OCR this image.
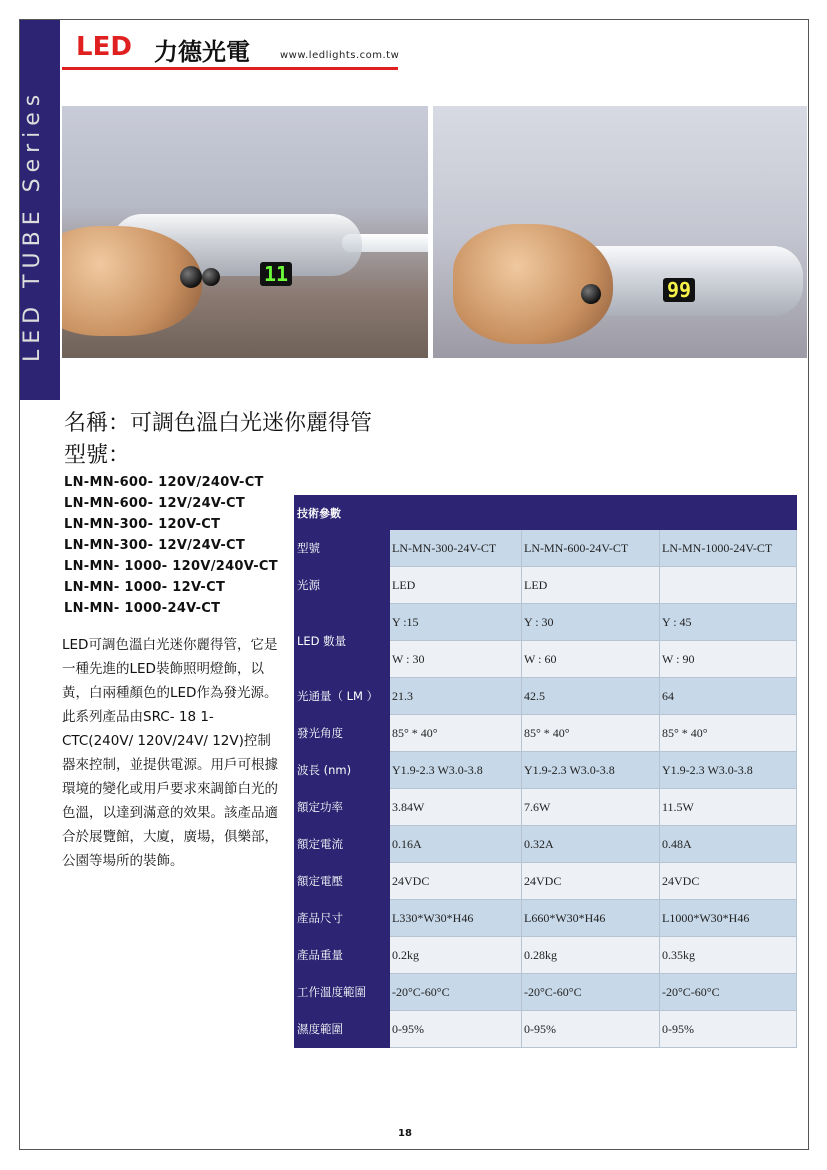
LED TUBE Series
LED 力德光電	www.ledlights.com.tw
11
99
名稱：可調色溫白光迷你麗得管
型號：
LN-MN-600- 120V/240V-CT
LN-MN-600- 12V/24V-CT
LN-MN-300- 120V-CT
LN-MN-300- 12V/24V-CT
LN-MN- 1000- 120V/240V-CT
LN-MN- 1000- 12V-CT
LN-MN- 1000-24V-CT

LED可調色溫白光迷你麗得管，它是一種先進的LED裝飾照明燈飾，以黃，白兩種顏色的LED作為發光源。此系列產品由SRC- 18 1-

CTC(240V/ 120V/24V/ 12V)控制器來控制，並提供電源。用戶可根據環境的變化或用戶要求來調節白光的色溫，以達到滿意的效果。該產品適合於展覽館，大廈，廣場，俱樂部，公園等場所的裝飾。

技術參數			
型號	LN-MN-300-24V-CT	LN-MN-600-24V-CT	LN-MN-1000-24V-CT
光源	LED	LED	
LED 數量	Y :15	Y : 30	Y : 45
	W : 30	W : 60	W : 90
光通量（ LM ）	21.3	42.5	64
發光角度	85° * 40°	85° * 40°	85° * 40°
波長 (nm)	Y1.9-2.3 W3.0-3.8	Y1.9-2.3 W3.0-3.8	Y1.9-2.3 W3.0-3.8
額定功率	3.84W	7.6W	11.5W
額定電流	0.16A	0.32A	0.48A
額定電壓	24VDC	24VDC	24VDC
產品尺寸	L330*W30*H46	L660*W30*H46	L1000*W30*H46
產品重量	0.2kg	0.28kg	0.35kg
工作溫度範圍	-20°C-60°C	-20°C-60°C	-20°C-60°C
濕度範圍	0-95%	0-95%	0-95%
18
